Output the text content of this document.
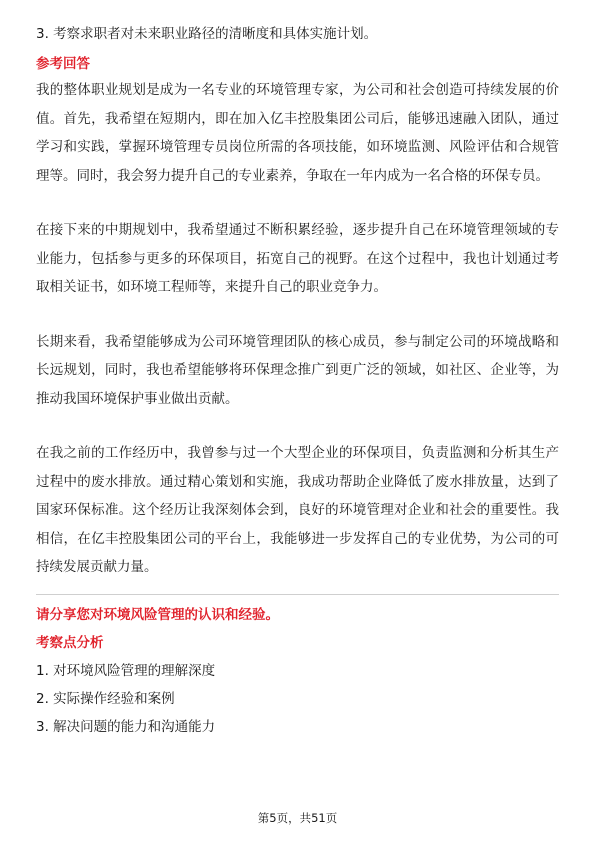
3. 考察求职者对未来职业路径的清晰度和具体实施计划。

参考回答

我的整体职业规划是成为一名专业的环境管理专家，为公司和社会创造可持续发展的价值。首先，我希望在短期内，即在加入亿丰控股集团公司后，能够迅速融入团队，通过学习和实践，掌握环境管理专员岗位所需的各项技能，如环境监测、风险评估和合规管理等。同时，我会努力提升自己的专业素养，争取在一年内成为一名合格的环保专员。

在接下来的中期规划中，我希望通过不断积累经验，逐步提升自己在环境管理领域的专业能力，包括参与更多的环保项目，拓宽自己的视野。在这个过程中，我也计划通过考取相关证书，如环境工程师等，来提升自己的职业竞争力。

长期来看，我希望能够成为公司环境管理团队的核心成员，参与制定公司的环境战略和长远规划，同时，我也希望能够将环保理念推广到更广泛的领域，如社区、企业等，为推动我国环境保护事业做出贡献。

在我之前的工作经历中，我曾参与过一个大型企业的环保项目，负责监测和分析其生产过程中的废水排放。通过精心策划和实施，我成功帮助企业降低了废水排放量，达到了国家环保标准。这个经历让我深刻体会到，良好的环境管理对企业和社会的重要性。我相信，在亿丰控股集团公司的平台上，我能够进一步发挥自己的专业优势，为公司的可持续发展贡献力量。

请分享您对环境风险管理的认识和经验。

考察点分析

1. 对环境风险管理的理解深度
2. 实际操作经验和案例
3. 解决问题的能力和沟通能力
第5页，共51页
